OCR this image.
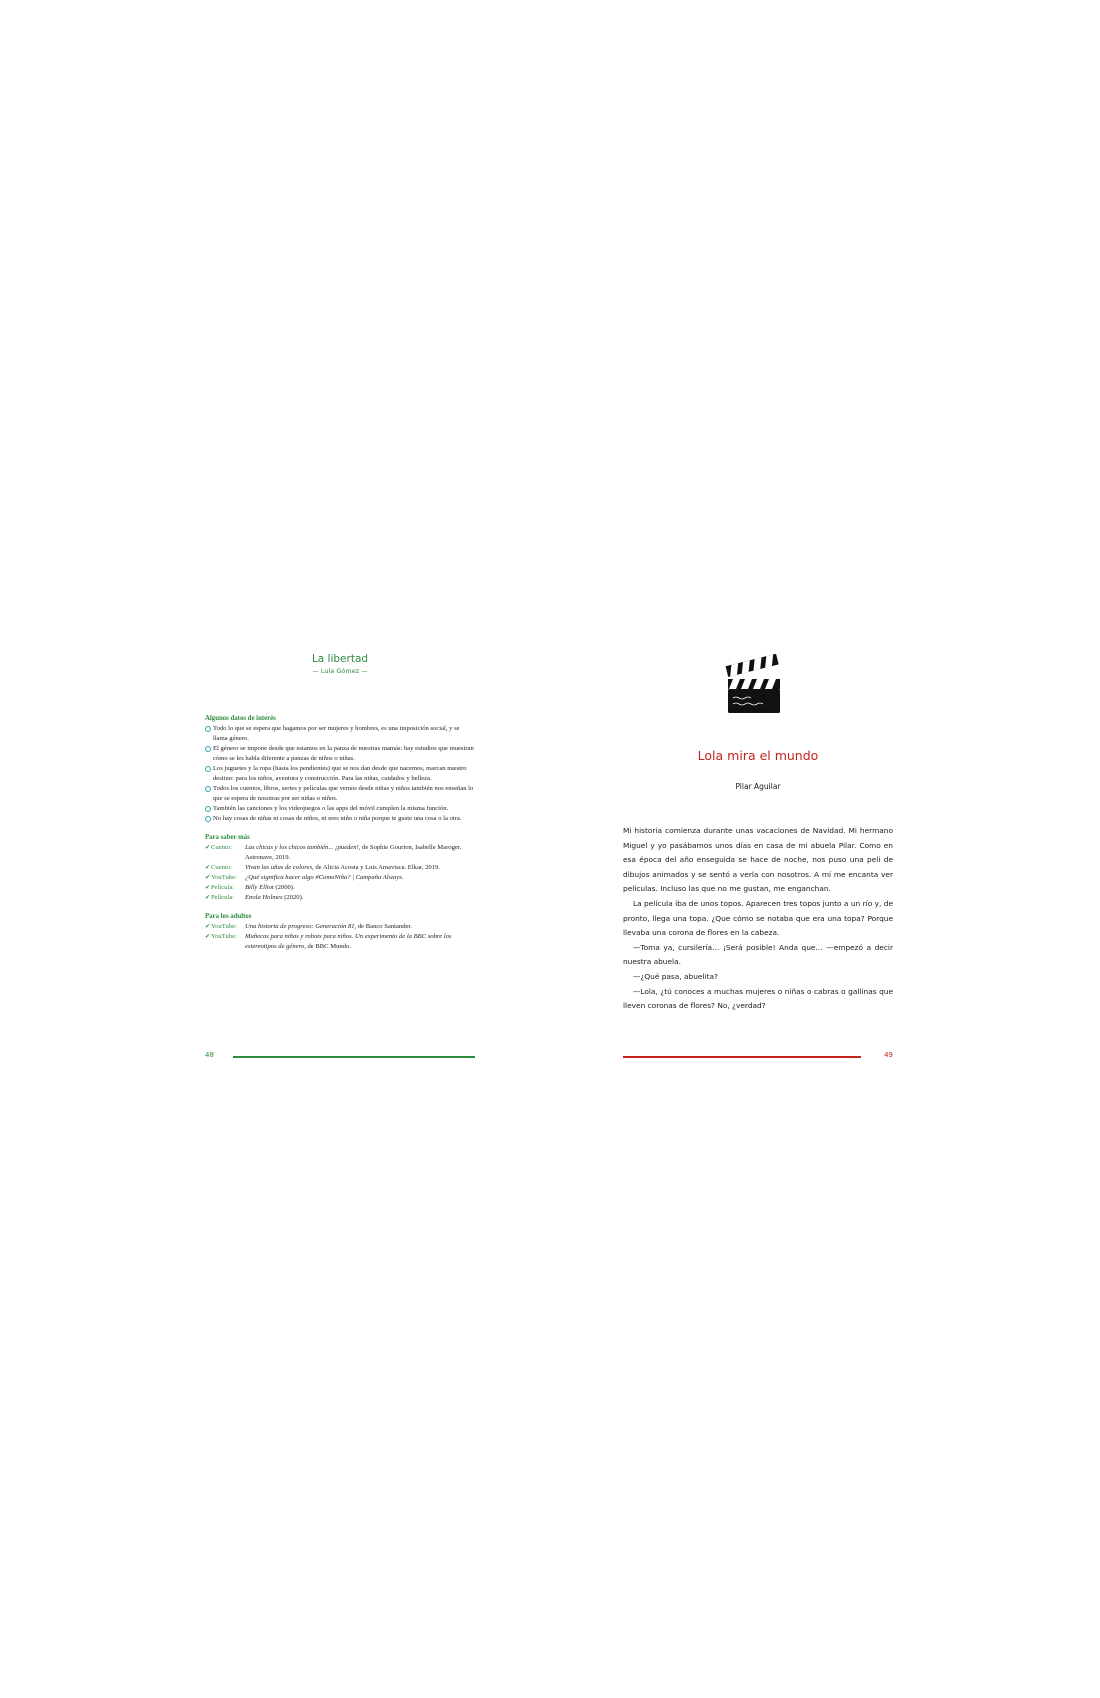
La libertad
— Lula Gómez —

Algunos datos de interés

Todo lo que se espera que hagamos por ser mujeres y hombres, es una imposición social, y se llama género.
El género se impone desde que estamos en la panza de nuestras mamás: hay estudios que muestran cómo se les habla diferente a panzas de niños o niñas.
Los juguetes y la ropa (hasta los pendientes) que se nos dan desde que nacemos, marcan nuestro destino: para los niños, aventura y construcción. Para las niñas, cuidados y belleza.
Todos los cuentos, libros, series y películas que vemos desde niñas y niños también nos enseñan lo que se espera de nosotras por ser niñas o niños.
También las canciones y los videojuegos o las apps del móvil cumplen la misma función.
No hay cosas de niñas ni cosas de niños, ni eres niño o niña porque te guste una cosa o la otra.

Para saber más

✔ Cuento: Las chicas y los chicos también... ¡pueden!, de Sophie Gourion, Isabelle Maroger. Astronave, 2019.
✔ Cuento: Vivan las uñas de colores, de Alicia Acosta y Luis Amavisca. Elkar, 2019.
✔ YouTube: ¿Qué significa hacer algo #ComoNiña? | Campaña Always.
✔ Película: Billy Elliot (2000).
✔ Película: Enola Holmes (2020).

Para los adultos

✔ YouTube: Una historia de progreso: Generación 81, de Banco Santander.
✔ YouTube: Muñecas para niñas y robots para niños. Un experimento de la BBC sobre los estereotipos de género, de BBC Mundo.
48
Lola mira el mundo
Pilar Aguilar

Mi historia comienza durante unas vacaciones de Navidad. Mi hermano Miguel y yo pasábamos unos días en casa de mi abuela Pilar. Como en esa época del año enseguida se hace de noche, nos puso una peli de dibujos animados y se sentó a verla con nosotros. A mí me encanta ver películas. Incluso las que no me gustan, me enganchan.

La película iba de unos topos. Aparecen tres topos junto a un río y, de pronto, llega una topa. ¿Que cómo se notaba que era una topa? Porque llevaba una corona de flores en la cabeza.

—Toma ya, cursilería… ¡Será posible! Anda que… —empezó a decir nuestra abuela.

—¿Qué pasa, abuelita?

—Lola, ¿tú conoces a muchas mujeres o niñas o cabras o gallinas que lleven coronas de flores? No, ¿verdad?

49
